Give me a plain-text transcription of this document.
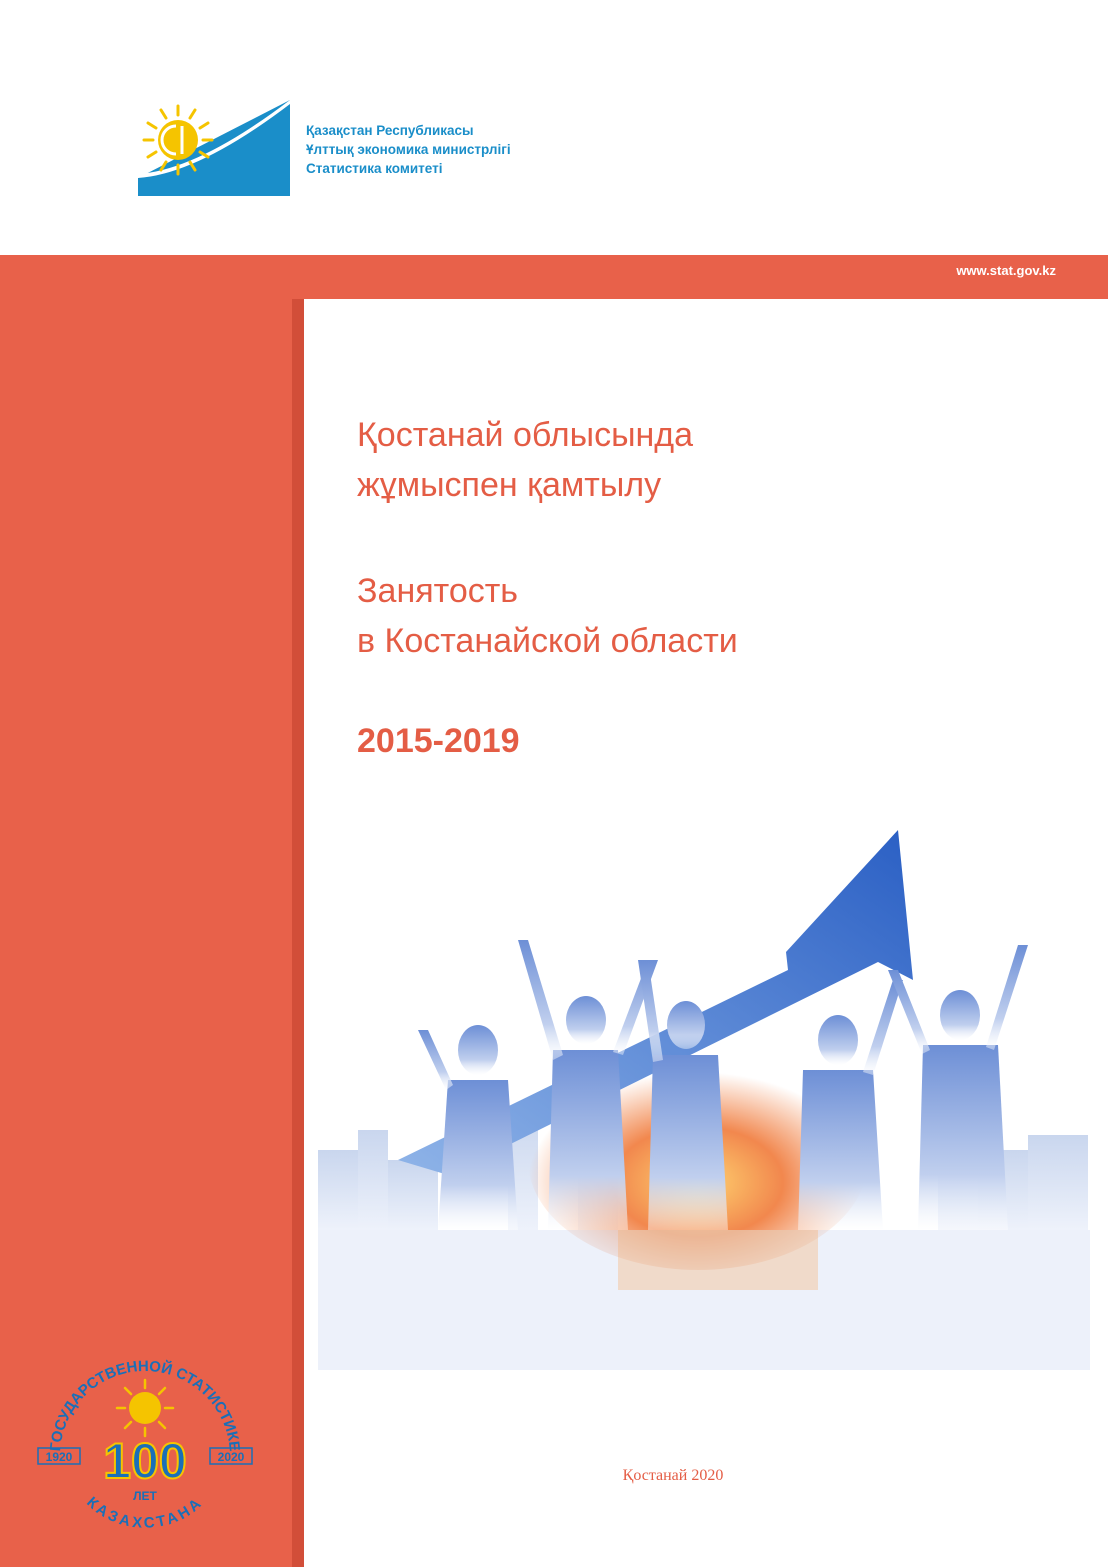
Қазақстан Республикасы
Ұлттық экономика министрлігі
Статистика комитеті
www.stat.gov.kz
Қостанай облысында
жұмыспен қамтылу
Занятость
в Костанайской области
2015-2019
Қостанай 2020
ГОСУДАРСТВЕННОЙ СТАТИСТИКЕ
КАЗАХСТАНА
1920	2020
100
ЛЕТ
